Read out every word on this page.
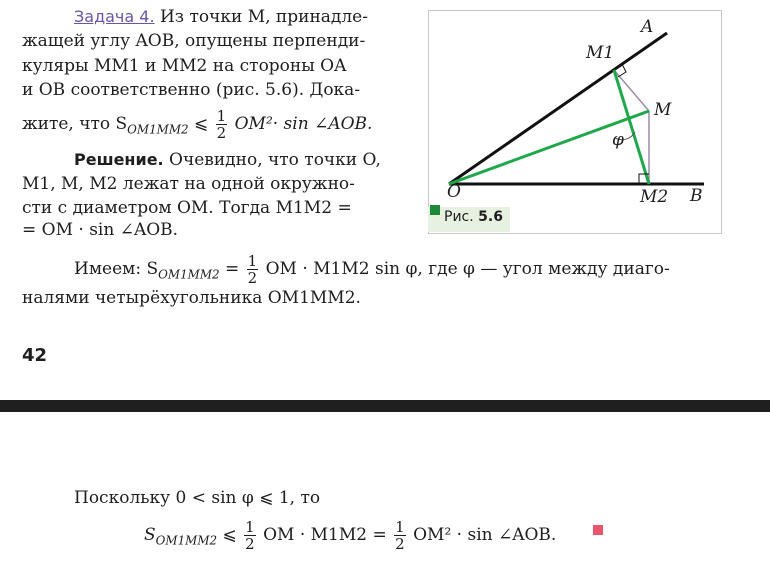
Задача 4. Из точки M, принадле-
жащей углу AOB, опущены перпенди-
куляры MM1 и MM2 на стороны OA
и OB соответственно (рис. 5.6). Дока-
жите, что $S_{OM1MM2}$ ⩽ $\frac{1}{2} OM^2\cdot \sin$ ∠AOB.
Решение. Очевидно, что точки O,
M1, M, M2 лежат на одной окружно-
сти с диаметром OM. Тогда M1M2 =
= OM · sin ∠AOB.
Имеем: $S_{OM1MM2} = \frac{1}{2}$ OM · M1M2 sin φ, где φ — угол между диаго-
налями четырёхугольника OM1MM2.
A
B
O
M
M1
M2
φ
Рис. 5.6
42
Поскольку 0 < sin φ ⩽ 1, то
$S_{OM1MM2}$ ⩽ $\frac{1}{2}$ OM · $M1M2 = \frac{1}{2} OM^2 \cdot \sin$ ∠AOB.
